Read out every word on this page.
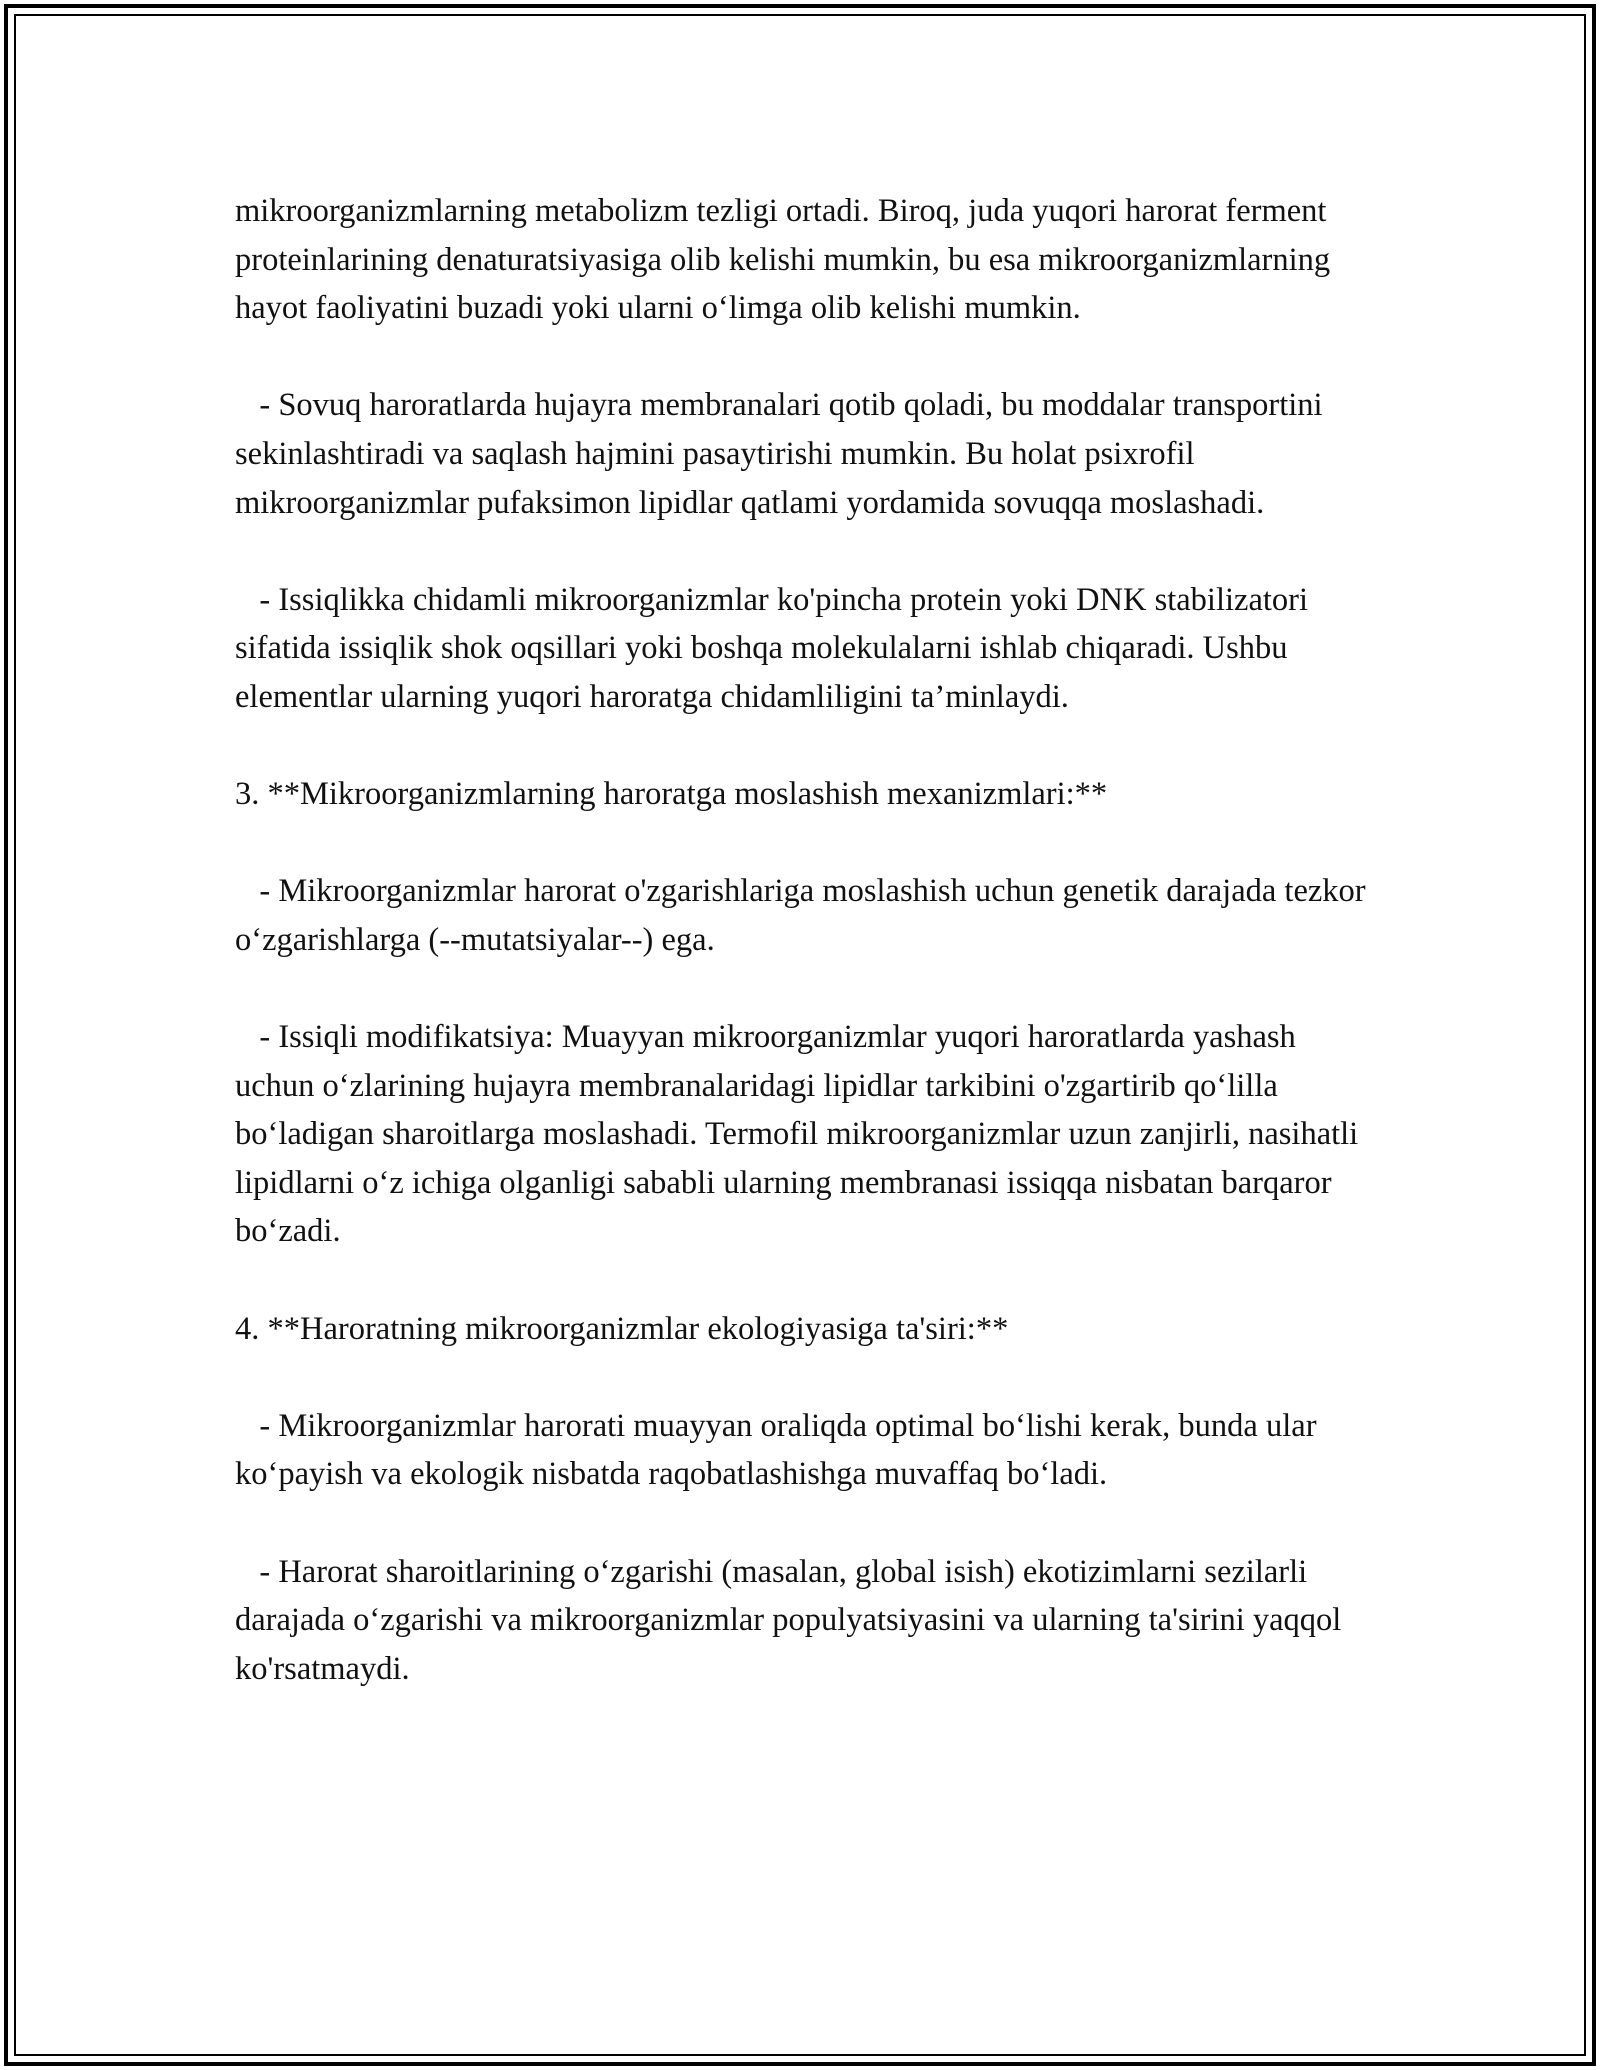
mikroorganizmlarning metabolizm tezligi ortadi. Biroq, juda yuqori harorat ferment proteinlarining denaturatsiyasiga olib kelishi mumkin, bu esa mikroorganizmlarning hayot faoliyatini buzadi yoki ularni o‘limga olib kelishi mumkin.

- Sovuq haroratlarda hujayra membranalari qotib qoladi, bu moddalar transportini sekinlashtiradi va saqlash hajmini pasaytirishi mumkin. Bu holat psixrofil mikroorganizmlar pufaksimon lipidlar qatlami yordamida sovuqqa moslashadi.

- Issiqlikka chidamli mikroorganizmlar ko'pincha protein yoki DNK stabilizatori sifatida issiqlik shok oqsillari yoki boshqa molekulalarni ishlab chiqaradi. Ushbu elementlar ularning yuqori haroratga chidamliligini ta’minlaydi.

3. **Mikroorganizmlarning haroratga moslashish mexanizmlari:**

- Mikroorganizmlar harorat o'zgarishlariga moslashish uchun genetik darajada tezkor o‘zgarishlarga (--mutatsiyalar--) ega.

- Issiqli modifikatsiya: Muayyan mikroorganizmlar yuqori haroratlarda yashash uchun o‘zlarining hujayra membranalaridagi lipidlar tarkibini o'zgartirib qo‘lilla bo‘ladigan sharoitlarga moslashadi. Termofil mikroorganizmlar uzun zanjirli, nasihatli lipidlarni o‘z ichiga olganligi sababli ularning membranasi issiqqa nisbatan barqaror bo‘zadi.

4. **Haroratning mikroorganizmlar ekologiyasiga ta'siri:**

- Mikroorganizmlar harorati muayyan oraliqda optimal bo‘lishi kerak, bunda ular ko‘payish va ekologik nisbatda raqobatlashishga muvaffaq bo‘ladi.

- Harorat sharoitlarining o‘zgarishi (masalan, global isish) ekotizimlarni sezilarli darajada o‘zgarishi va mikroorganizmlar populyatsiyasini va ularning ta'sirini yaqqol ko'rsatmaydi.
